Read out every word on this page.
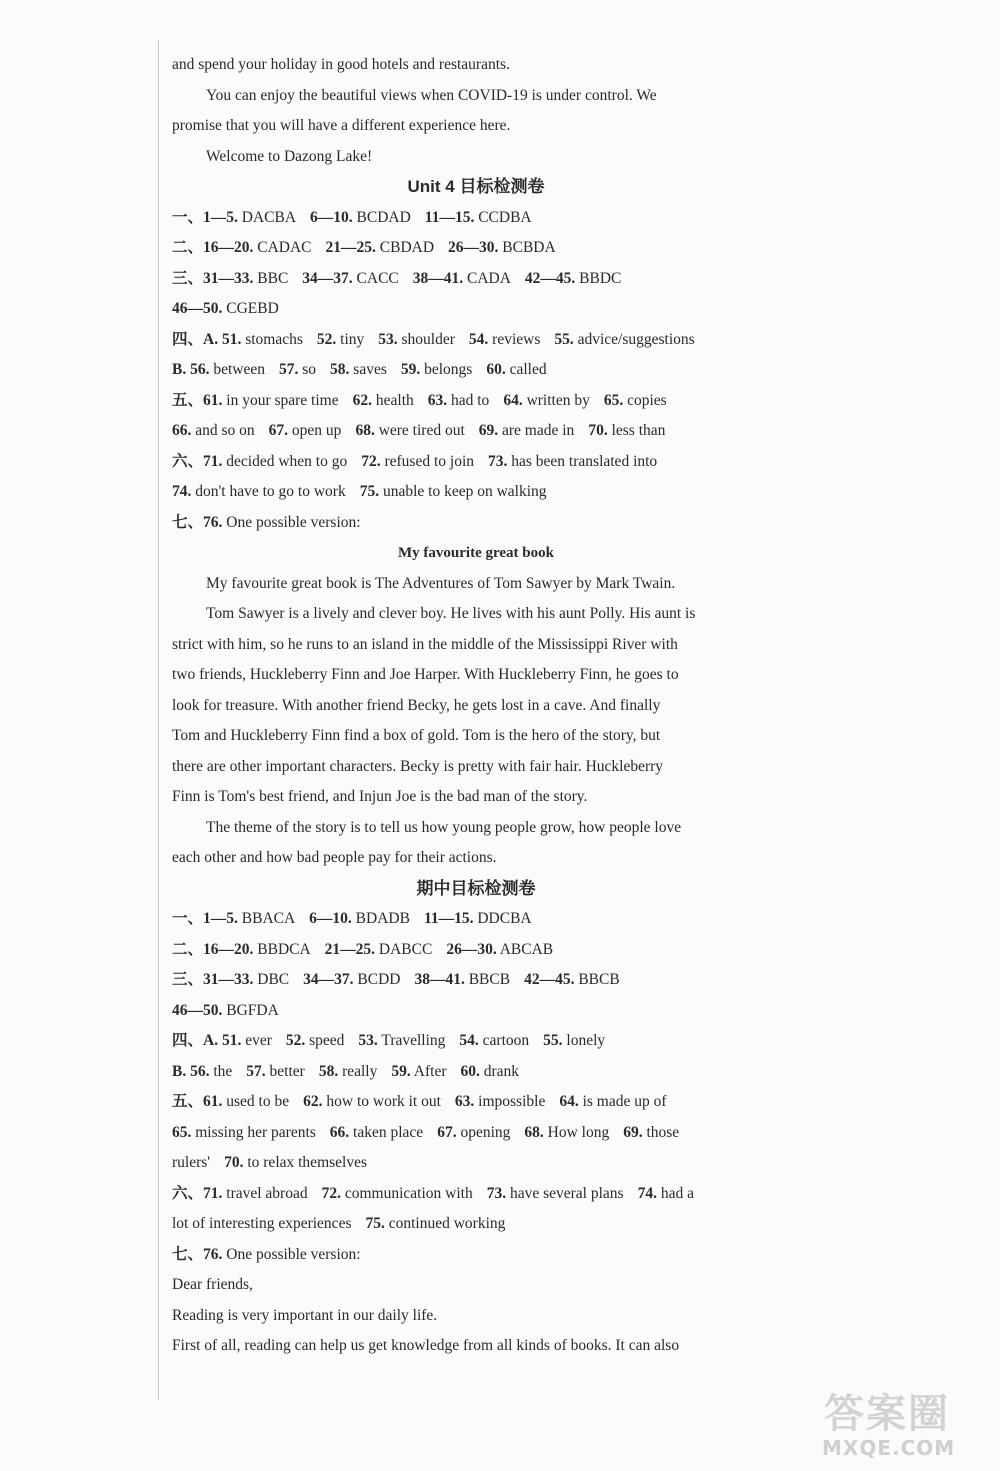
and spend your holiday in good hotels and restaurants.
You can enjoy the beautiful views when COVID-19 is under control. We
promise that you will have a different experience here.
Welcome to Dazong Lake!
Unit 4 目标检测卷
一、1—5. DACBA 6—10. BCDAD 11—15. CCDBA
二、16—20. CADAC 21—25. CBDAD 26—30. BCBDA
三、31—33. BBC 34—37. CACC 38—41. CADA 42—45. BBDC
46—50. CGEBD
四、A. 51. stomachs 52. tiny 53. shoulder 54. reviews 55. advice/suggestions
B. 56. between 57. so 58. saves 59. belongs 60. called
五、61. in your spare time 62. health 63. had to 64. written by 65. copies
66. and so on 67. open up 68. were tired out 69. are made in 70. less than
六、71. decided when to go 72. refused to join 73. has been translated into
74. don't have to go to work 75. unable to keep on walking
七、76. One possible version:
My favourite great book
My favourite great book is The Adventures of Tom Sawyer by Mark Twain.
Tom Sawyer is a lively and clever boy. He lives with his aunt Polly. His aunt is
strict with him, so he runs to an island in the middle of the Mississippi River with
two friends, Huckleberry Finn and Joe Harper. With Huckleberry Finn, he goes to
look for treasure. With another friend Becky, he gets lost in a cave. And finally
Tom and Huckleberry Finn find a box of gold. Tom is the hero of the story, but
there are other important characters. Becky is pretty with fair hair. Huckleberry
Finn is Tom's best friend, and Injun Joe is the bad man of the story.
The theme of the story is to tell us how young people grow, how people love
each other and how bad people pay for their actions.
期中目标检测卷
一、1—5. BBACA 6—10. BDADB 11—15. DDCBA
二、16—20. BBDCA 21—25. DABCC 26—30. ABCAB
三、31—33. DBC 34—37. BCDD 38—41. BBCB 42—45. BBCB
46—50. BGFDA
四、A. 51. ever 52. speed 53. Travelling 54. cartoon 55. lonely
B. 56. the 57. better 58. really 59. After 60. drank
五、61. used to be 62. how to work it out 63. impossible 64. is made up of
65. missing her parents 66. taken place 67. opening 68. How long 69. those
rulers' 70. to relax themselves
六、71. travel abroad 72. communication with 73. have several plans 74. had a
lot of interesting experiences 75. continued working
七、76. One possible version:
Dear friends,
Reading is very important in our daily life.
First of all, reading can help us get knowledge from all kinds of books. It can also
答案圈
MXQE.COM
